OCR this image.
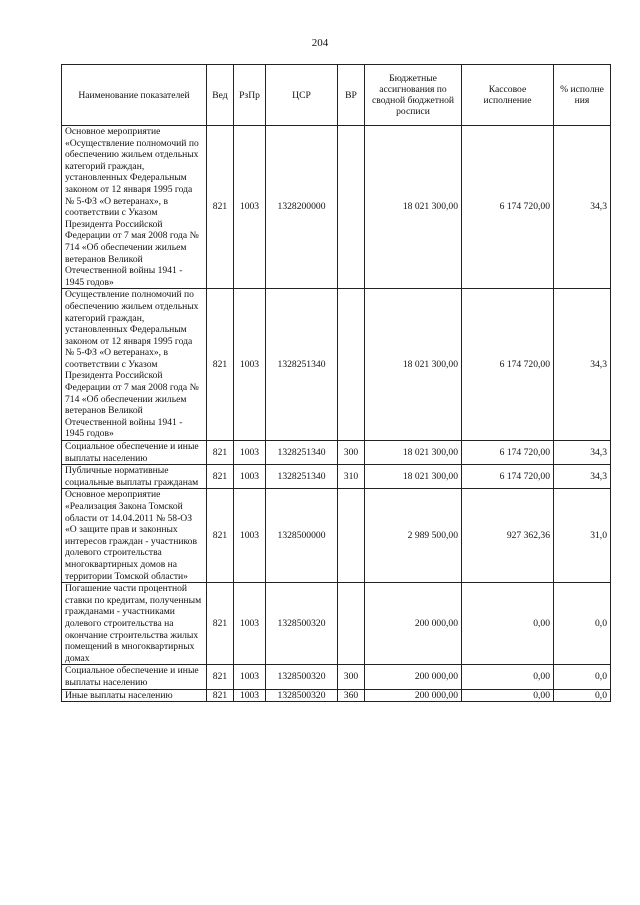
204
Наименование показателей	Вед	РзПр	ЦСР	ВР	Бюджетные ассигнования по сводной бюджетной росписи	Кассовое исполнение	% исполне ния
Основное мероприятие «Осуществление полномочий по обеспечению жильем отдельных категорий граждан, установленных Федеральным законом от 12 января 1995 года № 5-ФЗ «О ветеранах», в соответствии с Указом Президента Российской Федерации от 7 мая 2008 года № 714 «Об обеспечении жильем ветеранов Великой Отечественной войны 1941 - 1945 годов»	821	1003	1328200000		18 021 300,00	6 174 720,00	34,3
Осуществление полномочий по обеспечению жильем отдельных категорий граждан, установленных Федеральным законом от 12 января 1995 года № 5-ФЗ «О ветеранах», в соответствии с Указом Президента Российской Федерации от 7 мая 2008 года № 714 «Об обеспечении жильем ветеранов Великой Отечественной войны 1941 - 1945 годов»	821	1003	1328251340		18 021 300,00	6 174 720,00	34,3
Социальное обеспечение и иные выплаты населению	821	1003	1328251340	300	18 021 300,00	6 174 720,00	34,3
Публичные нормативные социальные выплаты гражданам	821	1003	1328251340	310	18 021 300,00	6 174 720,00	34,3
Основное мероприятие «Реализация Закона Томской области от 14.04.2011 № 58-ОЗ «О защите прав и законных интересов граждан - участников долевого строительства многоквартирных домов на территории Томской области»	821	1003	1328500000		2 989 500,00	927 362,36	31,0
Погашение части процентной ставки по кредитам, полученным гражданами - участниками долевого строительства на окончание строительства жилых помещений в многоквартирных домах	821	1003	1328500320		200 000,00	0,00	0,0
Социальное обеспечение и иные выплаты населению	821	1003	1328500320	300	200 000,00	0,00	0,0
Иные выплаты населению	821	1003	1328500320	360	200 000,00	0,00	0,0
